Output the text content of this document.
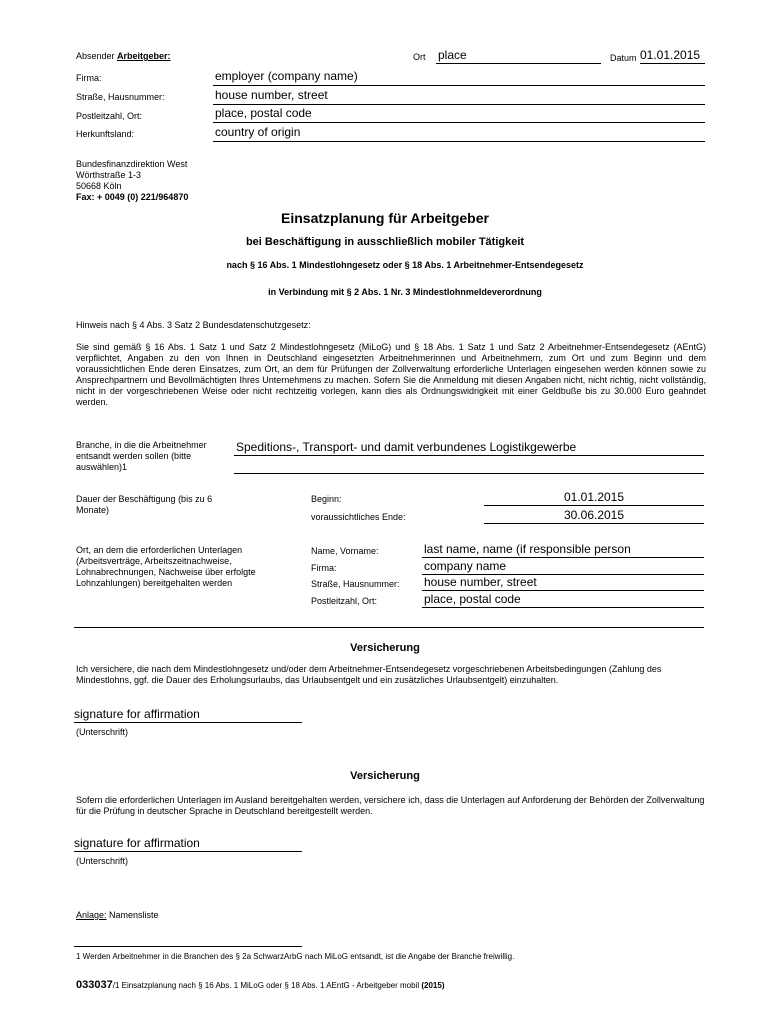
Absender Arbeitgeber:	Ort place	Datum 01.01.2015
Firma:	employer (company name)
Straße, Hausnummer:	house number, street
Postleitzahl, Ort:	place, postal code
Herkunftsland:	country of origin
Bundesfinanzdirektion West
Wörthstraße 1-3
50668 Köln
Fax: + 0049 (0) 221/964870
Einsatzplanung für Arbeitgeber
bei Beschäftigung in ausschließlich mobiler Tätigkeit
nach § 16 Abs. 1 Mindestlohngesetz oder § 18 Abs. 1 Arbeitnehmer-Entsendegesetz
in Verbindung mit § 2 Abs. 1 Nr. 3 Mindestlohnmeldeverordnung
Hinweis nach § 4 Abs. 3 Satz 2 Bundesdatenschutzgesetz:
Sie sind gemäß § 16 Abs. 1 Satz 1 und Satz 2 Mindestlohngesetz (MiLoG) und § 18 Abs. 1 Satz 1 und Satz 2 Arbeitnehmer-Entsendegesetz (AEntG) verpflichtet, Angaben zu den von Ihnen in Deutschland eingesetzten Arbeitnehmerinnen und Arbeitnehmern, zum Ort und zum Beginn und dem voraussichtlichen Ende deren Einsatzes, zum Ort, an dem für Prüfungen der Zollverwaltung erforderliche Unterlagen eingesehen werden können sowie zu Ansprechpartnern und Bevollmächtigten Ihres Unternehmens zu machen. Sofern Sie die Anmeldung mit diesen Angaben nicht, nicht richtig, nicht vollständig, nicht in der vorgeschriebenen Weise oder nicht rechtzeitig vorlegen, kann dies als Ordnungswidrigkeit mit einer Geldbuße bis zu 30.000 Euro geahndet werden.
Branche, in die die Arbeitnehmer entsandt werden sollen (bitte auswählen)1
Speditions-, Transport- und damit verbundenes Logistikgewerbe
Dauer der Beschäftigung (bis zu 6 Monate)
Beginn:	01.01.2015
voraussichtliches Ende:	30.06.2015
Ort, an dem die erforderlichen Unterlagen (Arbeitsverträge, Arbeitszeitnachweise, Lohnabrechnungen, Nachweise über erfolgte Lohnzahlungen) bereitgehalten werden
Name, Vorname:	last name, name (if responsible person
Firma:	company name
Straße, Hausnummer: house number, street
Postleitzahl, Ort:	place, postal code
Versicherung
Ich versichere, die nach dem Mindestlohngesetz und/oder dem Arbeitnehmer-Entsendegesetz vorgeschriebenen Arbeitsbedingungen (Zahlung des Mindestlohns, ggf. die Dauer des Erholungsurlaubs, das Urlaubsentgelt und ein zusätzliches Urlaubsentgelt) einzuhalten.
signature for affirmation
(Unterschrift)
Versicherung
Sofern die erforderlichen Unterlagen im Ausland bereitgehalten werden, versichere ich, dass die Unterlagen auf Anforderung der Behörden der Zollverwaltung für die Prüfung in deutscher Sprache in Deutschland bereitgestellt werden.
signature for affirmation
(Unterschrift)
Anlage: Namensliste
1 Werden Arbeitnehmer in die Branchen des § 2a SchwarzArbG nach MiLoG entsandt, ist die Angabe der Branche freiwillig.
033037/1 Einsatzplanung nach § 16 Abs. 1 MiLoG oder § 18 Abs. 1 AEntG - Arbeitgeber mobil (2015)
